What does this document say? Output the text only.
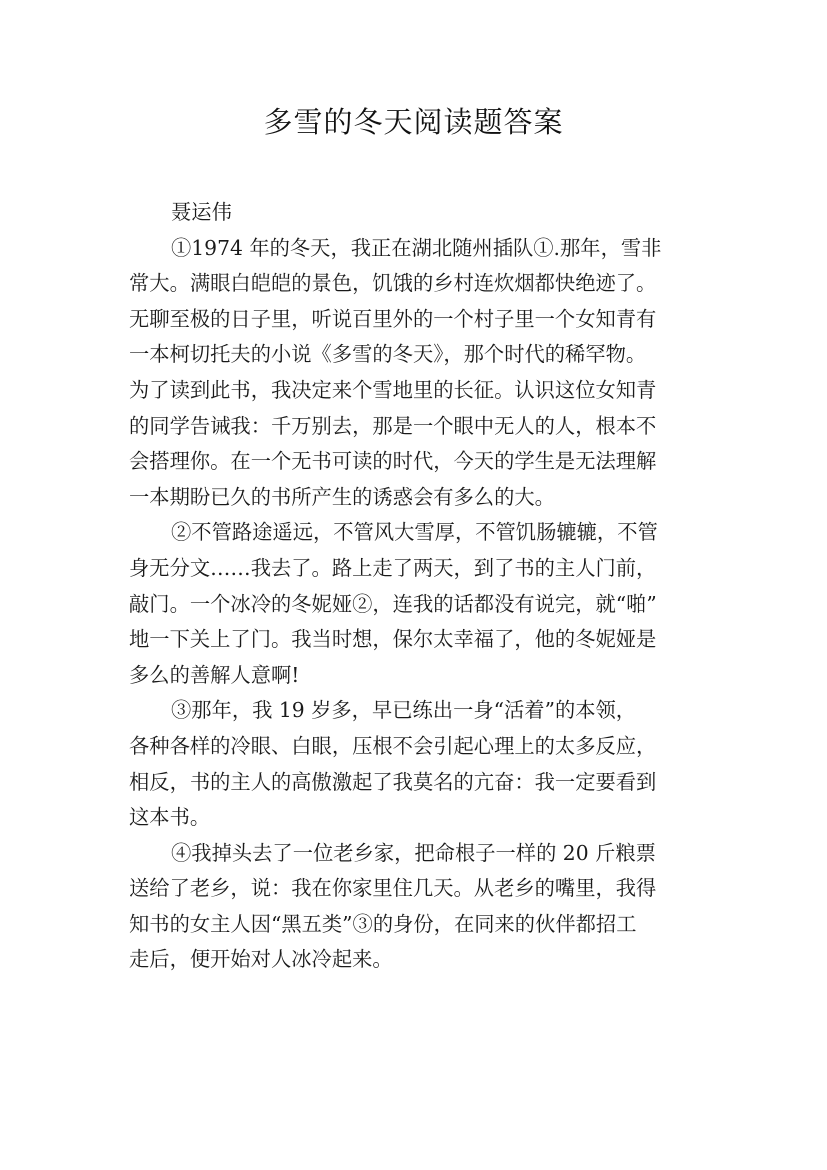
多雪的冬天阅读题答案
聂运伟
①1974 年的冬天，我正在湖北随州插队①.那年，雪非
常大。满眼白皑皑的景色，饥饿的乡村连炊烟都快绝迹了。
无聊至极的日子里，听说百里外的一个村子里一个女知青有
一本柯切托夫的小说《多雪的冬天》，那个时代的稀罕物。
为了读到此书，我决定来个雪地里的长征。认识这位女知青
的同学告诫我：千万别去，那是一个眼中无人的人，根本不
会搭理你。在一个无书可读的时代，今天的学生是无法理解
一本期盼已久的书所产生的诱惑会有多么的大。
②不管路途遥远，不管风大雪厚，不管饥肠辘辘，不管
身无分文……我去了。路上走了两天，到了书的主人门前，
敲门。一个冰冷的冬妮娅②，连我的话都没有说完，就“啪”
地一下关上了门。我当时想，保尔太幸福了，他的冬妮娅是
多么的善解人意啊!
③那年，我 19 岁多，早已练出一身“活着”的本领，
各种各样的冷眼、白眼，压根不会引起心理上的太多反应，
相反，书的主人的高傲激起了我莫名的亢奋：我一定要看到
这本书。
④我掉头去了一位老乡家，把命根子一样的 20 斤粮票
送给了老乡，说：我在你家里住几天。从老乡的嘴里，我得
知书的女主人因“黑五类”③的身份，在同来的伙伴都招工
走后，便开始对人冰冷起来。
